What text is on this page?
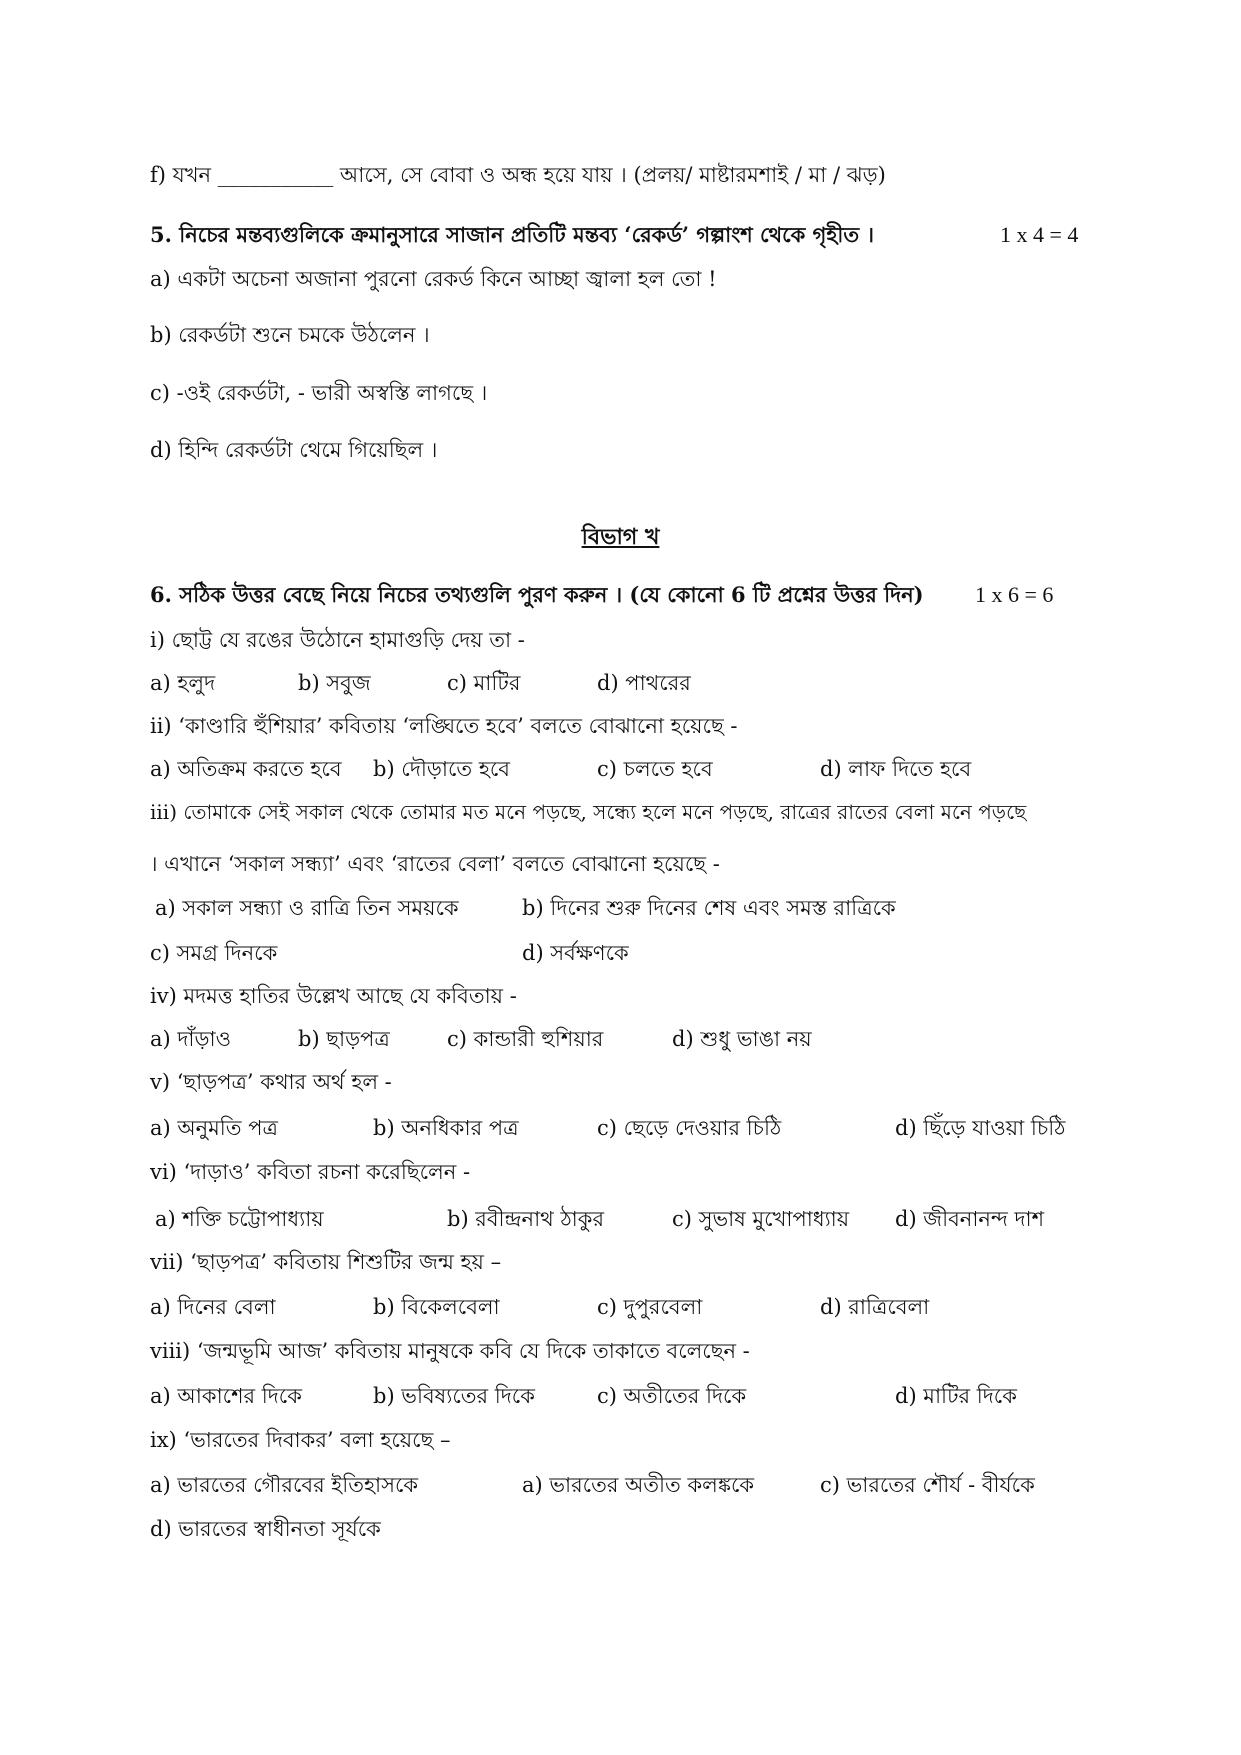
f) যখন ___________ আসে, সে বোবা ও অন্ধ হয়ে যায় । (প্রলয়/ মাষ্টারমশাই / মা / ঝড়)
5. নিচের মন্তব্যগুলিকে ক্রমানুসারে সাজান প্রতিটি মন্তব্য ‘রেকর্ড’ গল্পাংশ থেকে গৃহীত ।	1 x 4 = 4
a) একটা অচেনা অজানা পুরনো রেকর্ড কিনে আচ্ছা জ্বালা হল তো !
b) রেকর্ডটা শুনে চমকে উঠলেন ।
c) -ওই রেকর্ডটা, - ভারী অস্বস্তি লাগছে ।
d) হিন্দি রেকর্ডটা থেমে গিয়েছিল ।
বিভাগ খ
6. সঠিক উত্তর বেছে নিয়ে নিচের তথ্যগুলি পুরণ করুন । (যে কোনো 6 টি প্রশ্নের উত্তর দিন) 1 x 6 = 6
i) ছোট্ট যে রঙের উঠোনে হামাগুড়ি দেয় তা -
a) হলুদ	b) সবুজ	c) মাটির	d) পাথরের
ii) ‘কাণ্ডারি হুঁশিয়ার’ কবিতায় ‘লঙ্ঘিতে হবে’ বলতে বোঝানো হয়েছে -
a) অতিক্রম করতে হবে b) দৌড়াতে হবে	c) চলতে হবে	d) লাফ দিতে হবে
iii) তোমাকে সেই সকাল থেকে তোমার মত মনে পড়ছে, সন্ধ্যে হলে মনে পড়ছে, রাত্রের রাতের বেলা মনে পড়ছে
। এখানে ‘সকাল সন্ধ্যা’ এবং ‘রাতের বেলা’ বলতে বোঝানো হয়েছে -
a) সকাল সন্ধ্যা ও রাত্রি তিন সময়কে	b) দিনের শুরু দিনের শেষ এবং সমস্ত রাত্রিকে
c) সমগ্র দিনকে	d) সর্বক্ষণকে
iv) মদমত্ত হাতির উল্লেখ আছে যে কবিতায় -
a) দাঁড়াও	b) ছাড়পত্র	c) কান্ডারী হুশিয়ার	d) শুধু ভাঙা নয়
v) ‘ছাড়পত্র’ কথার অর্থ হল -
a) অনুমতি পত্র	b) অনধিকার পত্র	c) ছেড়ে দেওয়ার চিঠি	d) ছিঁড়ে যাওয়া চিঠি
vi) ‘দাড়াও’ কবিতা রচনা করেছিলেন -
a) শক্তি চট্টোপাধ্যায়	b) রবীন্দ্রনাথ ঠাকুর	c) সুভাষ মুখোপাধ্যায় d) জীবনানন্দ দাশ
vii) ‘ছাড়পত্র’ কবিতায় শিশুটির জন্ম হয় –
a) দিনের বেলা	b) বিকেলবেলা	c) দুপুরবেলা	d) রাত্রিবেলা
viii) ‘জন্মভূমি আজ’ কবিতায় মানুষকে কবি যে দিকে তাকাতে বলেছেন -
a) আকাশের দিকে	b) ভবিষ্যতের দিকে	c) অতীতের দিকে	d) মাটির দিকে
ix) ‘ভারতের দিবাকর’ বলা হয়েছে –
a) ভারতের গৌরবের ইতিহাসকে	a) ভারতের অতীত কলঙ্ককে	c) ভারতের শৌর্য - বীর্যকে
d) ভারতের স্বাধীনতা সূর্যকে
